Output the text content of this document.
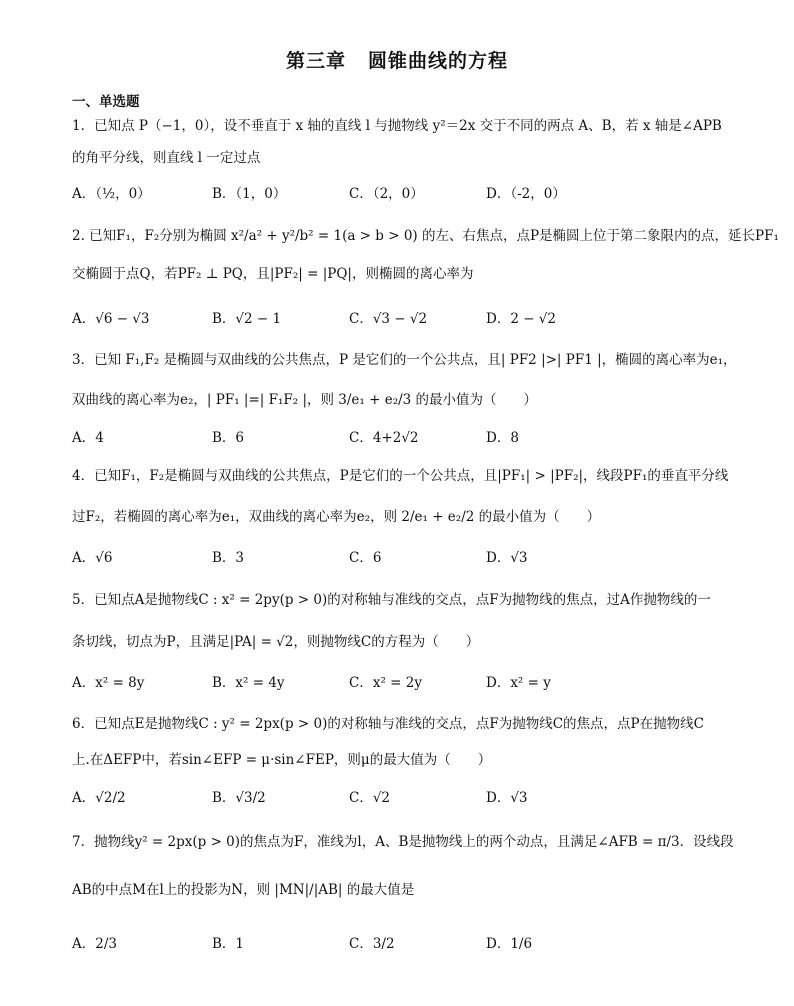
第三章 圆锥曲线的方程
一、单选题
1．已知点 P（−1，0），设不垂直于 x 轴的直线 l 与抛物线 y²＝2x 交于不同的两点 A、B，若 x 轴是∠APB
的角平分线，则直线 l 一定过点
A．（½，0）	B．（1，0）	C．（2，0）	D．（-2，0）
2. 已知F₁，F₂分别为椭圆 x²/a² + y²/b² = 1(a > b > 0) 的左、右焦点，点P是椭圆上位于第二象限内的点，延长PF₁
交椭圆于点Q，若PF₂ ⊥ PQ，且|PF₂| = |PQ|，则椭圆的离心率为
A．√6 − √3	B．√2 − 1	C．√3 − √2	D．2 − √2
3．已知 F₁,F₂ 是椭圆与双曲线的公共焦点，P 是它们的一个公共点，且| PF2 |>| PF1 |，椭圆的离心率为e₁，
双曲线的离心率为e₂，| PF₁ |=| F₁F₂ |，则 3/e₁ + e₂/3 的最小值为（　　）
A．4	B．6	C．4+2√2	D．8
4．已知F₁，F₂是椭圆与双曲线的公共焦点，P是它们的一个公共点，且|PF₁| > |PF₂|，线段PF₁的垂直平分线
过F₂，若椭圆的离心率为e₁，双曲线的离心率为e₂，则 2/e₁ + e₂/2 的最小值为（　　）
A．√6	B．3	C．6	D．√3
5．已知点A是抛物线C : x² = 2py(p > 0)的对称轴与准线的交点，点F为抛物线的焦点，过A作抛物线的一
条切线，切点为P，且满足|PA| = √2，则抛物线C的方程为（　　）
A．x² = 8y	B．x² = 4y	C．x² = 2y	D．x² = y
6．已知点E是抛物线C : y² = 2px(p > 0)的对称轴与准线的交点，点F为抛物线C的焦点，点P在抛物线C
上.在ΔEFP中，若sin∠EFP = μ·sin∠FEP，则μ的最大值为（　　）
A．√2/2	B．√3/2	C．√2	D．√3
7．抛物线y² = 2px(p > 0)的焦点为F，准线为l，A、B是抛物线上的两个动点，且满足∠AFB = π/3．设线段
AB的中点M在l上的投影为N，则 |MN|/|AB| 的最大值是
A．2/3	B．1	C．3/2	D．1/6
